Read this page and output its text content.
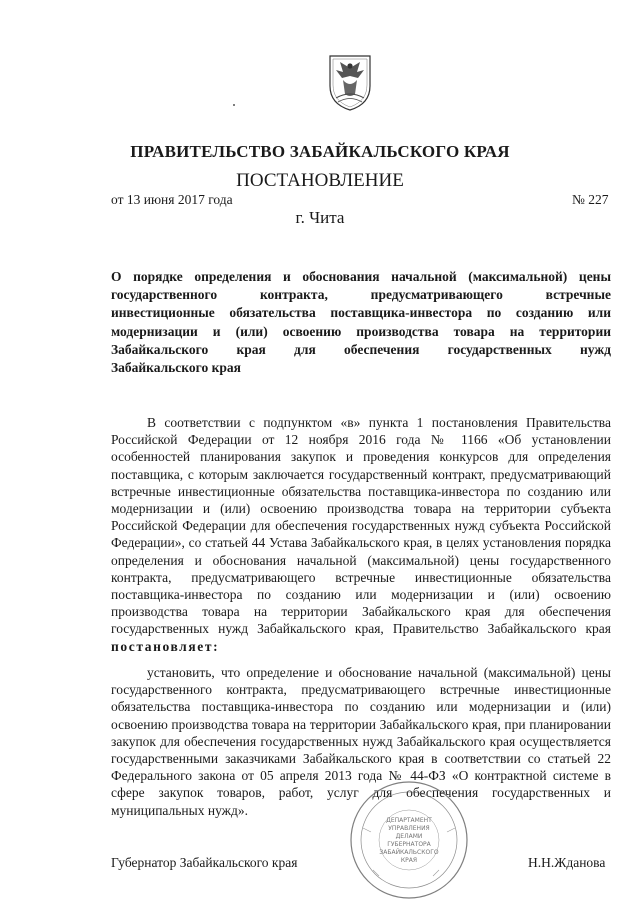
ПРАВИТЕЛЬСТВО ЗАБАЙКАЛЬСКОГО КРАЯ
ПОСТАНОВЛЕНИЕ
от 13 июня 2017 года	№ 227
г. Чита
О порядке определения и обоснования начальной (максимальной) цены
государственного контракта, предусматривающего встречные
инвестиционные обязательства поставщика-инвестора по созданию или
модернизации и (или) освоению производства товара на территории
Забайкальского края для обеспечения государственных нужд
Забайкальского края
В соответствии с подпунктом «в» пункта 1 постановления Правительства Российской Федерации от 12 ноября 2016 года № 1166 «Об установлении особенностей планирования закупок и проведения конкурсов для определения поставщика, с которым заключается государственный контракт, предусматривающий встречные инвестиционные обязательства поставщика-инвестора по созданию или модернизации и (или) освоению производства товара на территории субъекта Российской Федерации для обеспечения государственных нужд субъекта Российской Федерации», со статьей 44 Устава Забайкальского края, в целях установления порядка определения и обоснования начальной (максимальной) цены государственного контракта, предусматривающего встречные инвестиционные обязательства поставщика-инвестора по созданию или модернизации и (или) освоению производства товара на территории Забайкальского края для обеспечения государственных нужд Забайкальского края, Правительство Забайкальского края постановляет:
установить, что определение и обоснование начальной (максимальной) цены государственного контракта, предусматривающего встречные инвестиционные обязательства поставщика-инвестора по созданию или модернизации и (или) освоению производства товара на территории Забайкальского края, при планировании закупок для обеспечения государственных нужд Забайкальского края осуществляется государственными заказчиками Забайкальского края в соответствии со статьей 22 Федерального закона от 05 апреля 2013 года № 44-ФЗ «О контрактной системе в сфере закупок товаров, работ, услуг для обеспечения государственных и муниципальных нужд».
ДЕПАРТАМЕНТ
УПРАВЛЕНИЯ
ДЕЛАМИ
ГУБЕРНАТОРА
ЗАБАЙКАЛЬСКОГО
КРАЯ
Губернатор Забайкальского края	Н.Н.Жданова
